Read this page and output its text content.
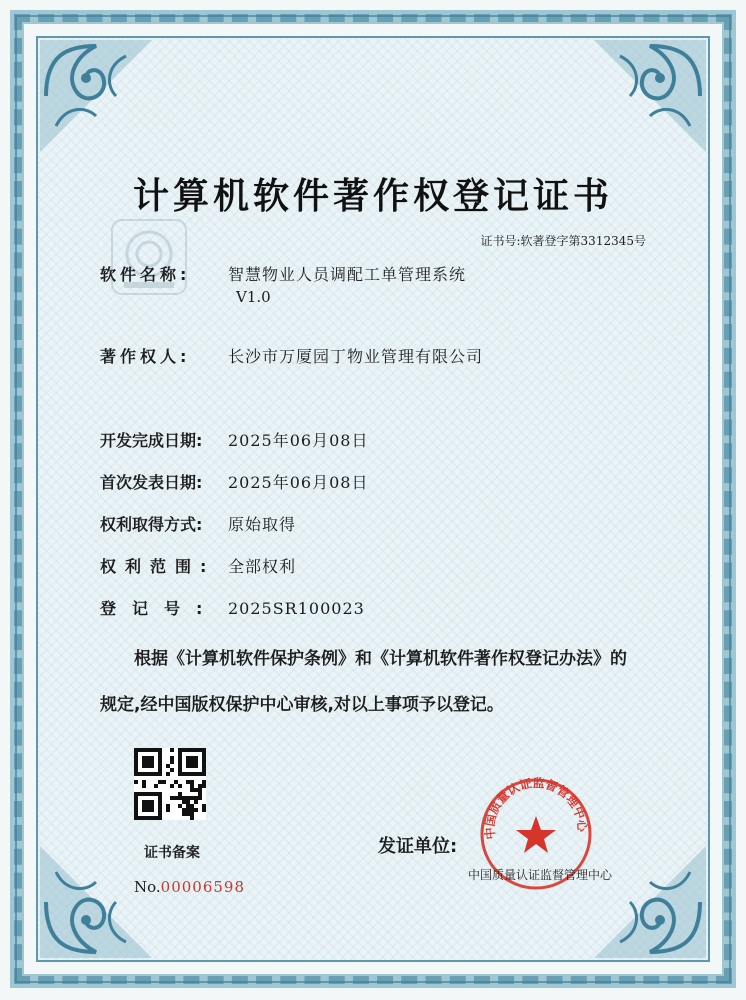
计算机软件著作权登记证书
证书号:软著登字第3312345号
软件名称: 智慧物业人员调配工单管理系统
V1.0
著作权人: 长沙市万厦园丁物业管理有限公司
开发完成日期: 2025年06月08日
首次发表日期: 2025年06月08日
权利取得方式: 原始取得
权利范围: 全部权利
登记号: 2025SR100023
根据《计算机软件保护条例》和《计算机软件著作权登记办法》的
规定,经中国版权保护中心审核,对以上事项予以登记。
证书备案
No.00006598
发证单位:
中国质量认证监督管理中心
中国质量认证监督管理中心
